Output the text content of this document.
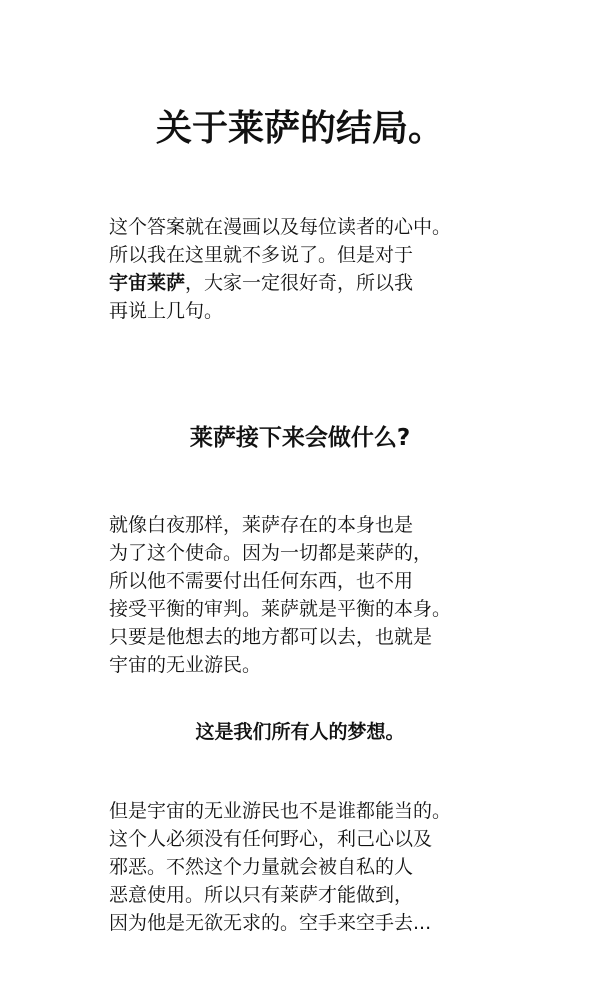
关于莱萨的结局。

这个答案就在漫画以及每位读者的心中。
所以我在这里就不多说了。但是对于
宇宙莱萨，大家一定很好奇，所以我
再说上几句。

莱萨接下来会做什么?

就像白夜那样，莱萨存在的本身也是
为了这个使命。因为一切都是莱萨的，
所以他不需要付出任何东西，也不用
接受平衡的审判。莱萨就是平衡的本身。
只要是他想去的地方都可以去，也就是
宇宙的无业游民。

这是我们所有人的梦想。

但是宇宙的无业游民也不是谁都能当的。
这个人必须没有任何野心，利己心以及
邪恶。不然这个力量就会被自私的人
恶意使用。所以只有莱萨才能做到，
因为他是无欲无求的。空手来空手去...
